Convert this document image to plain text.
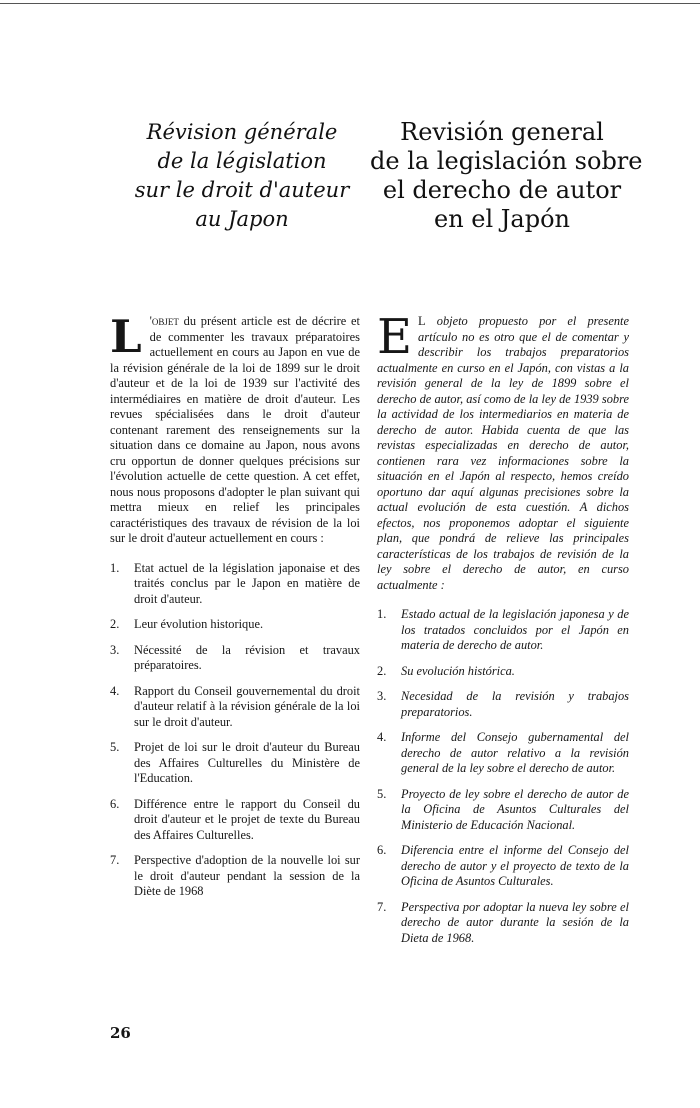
Révision générale
de la législation
sur le droit d'auteur
au Japon
Revisión general
de la legislación sobre
el derecho de autor
en el Japón

L 'objet du présent article est de décrire et de commenter les travaux préparatoires actuellement en cours au Japon en vue de la révision générale de la loi de 1899 sur le droit d'auteur et de la loi de 1939 sur l'activité des intermédiaires en matière de droit d'auteur. Les revues spécialisées dans le droit d'auteur contenant rarement des renseignements sur la situation dans ce domaine au Japon, nous avons cru opportun de donner quelques précisions sur l'évolution actuelle de cette question. A cet effet, nous nous proposons d'adopter le plan suivant qui mettra mieux en relief les principales caractéristiques des travaux de révision de la loi sur le droit d'auteur actuellement en cours :

1. Etat actuel de la législation japonaise et des traités conclus par le Japon en matière de droit d'auteur.
2. Leur évolution historique.
3. Nécessité de la révision et travaux préparatoires.
4. Rapport du Conseil gouvernemental du droit d'auteur relatif à la révision générale de la loi sur le droit d'auteur.
5. Projet de loi sur le droit d'auteur du Bureau des Affaires Culturelles du Ministère de l'Education.
6. Différence entre le rapport du Conseil du droit d'auteur et le projet de texte du Bureau des Affaires Culturelles.
7. Perspective d'adoption de la nouvelle loi sur le droit d'auteur pendant la session de la Diète de 1968

E L objeto propuesto por el presente artículo no es otro que el de comentar y describir los trabajos preparatorios actualmente en curso en el Japón, con vistas a la revisión general de la ley de 1899 sobre el derecho de autor, así como de la ley de 1939 sobre la actividad de los intermediarios en materia de derecho de autor. Habida cuenta de que las revistas especializadas en derecho de autor, contienen rara vez informaciones sobre la situación en el Japón al respecto, hemos creído oportuno dar aquí algunas precisiones sobre la actual evolución de esta cuestión. A dichos efectos, nos proponemos adoptar el siguiente plan, que pondrá de relieve las principales características de los trabajos de revisión de la ley sobre el derecho de autor, en curso actualmente :

1. Estado actual de la legislación japonesa y de los tratados concluidos por el Japón en materia de derecho de autor.
2. Su evolución histórica.
3. Necesidad de la revisión y trabajos preparatorios.
4. Informe del Consejo gubernamental del derecho de autor relativo a la revisión general de la ley sobre el derecho de autor.
5. Proyecto de ley sobre el derecho de autor de la Oficina de Asuntos Culturales del Ministerio de Educación Nacional.
6. Diferencia entre el informe del Consejo del derecho de autor y el proyecto de texto de la Oficina de Asuntos Culturales.
7. Perspectiva por adoptar la nueva ley sobre el derecho de autor durante la sesión de la Dieta de 1968.
26
